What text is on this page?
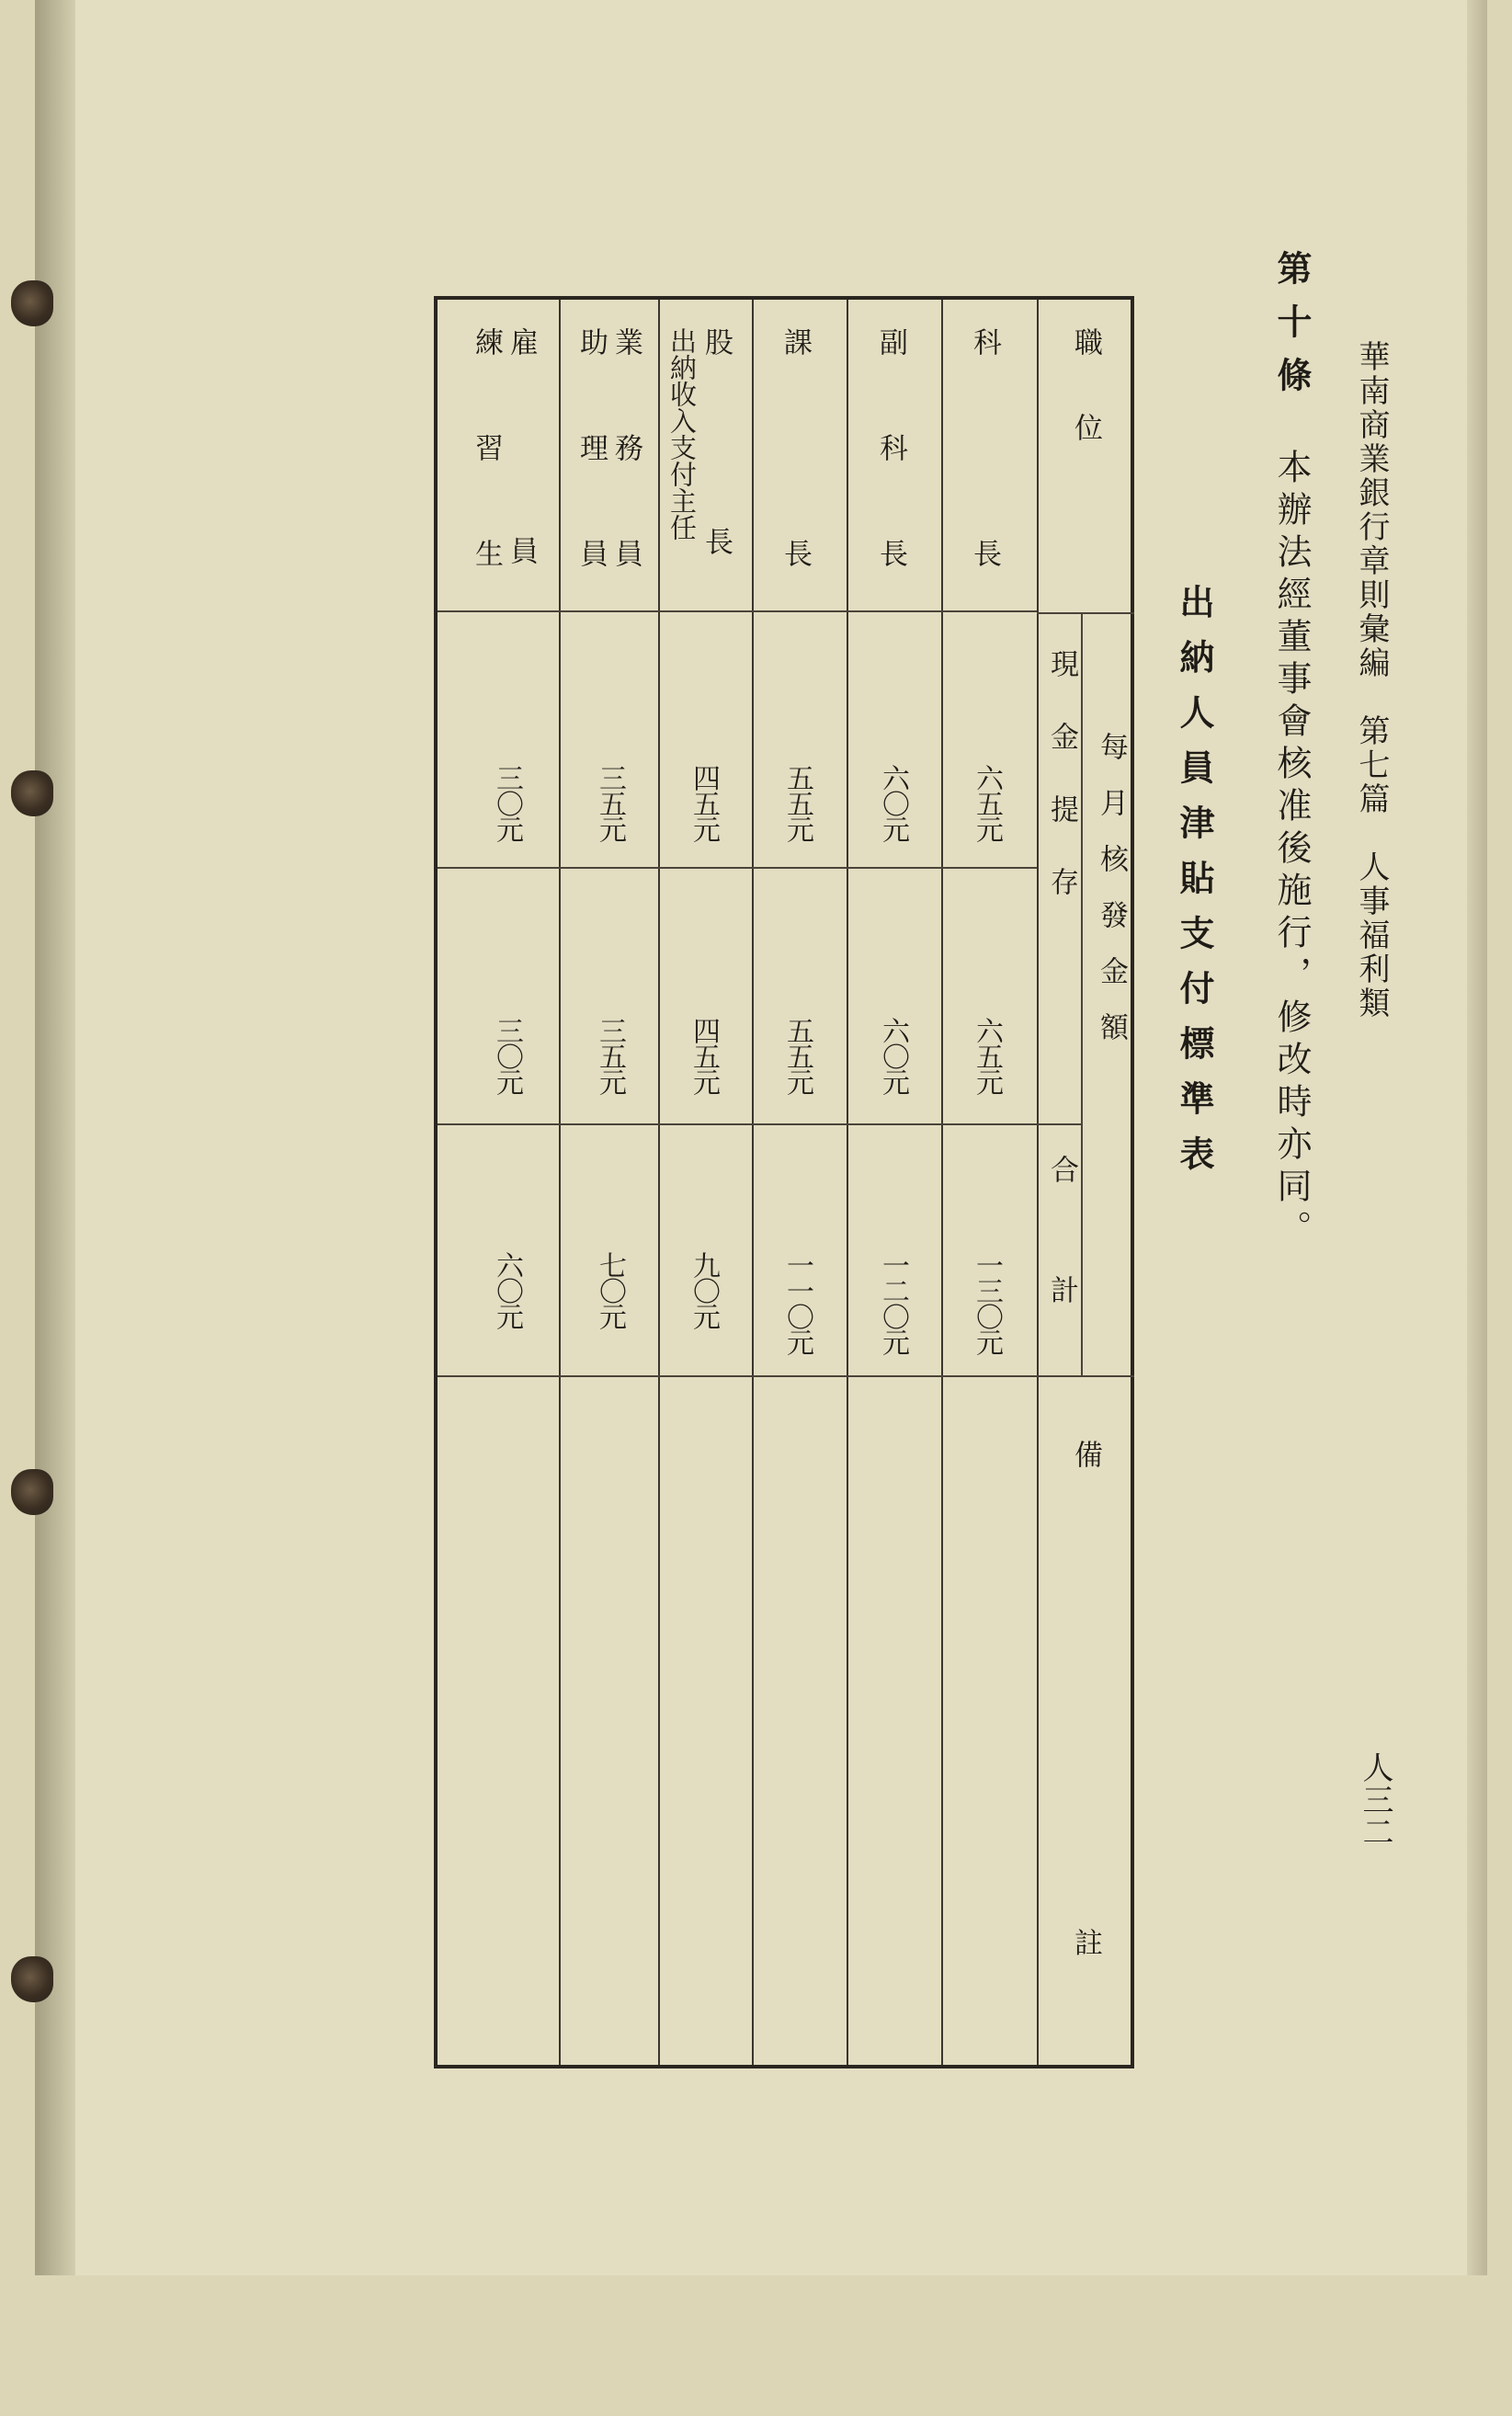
華南商業銀行章則彙編　第七篇　人事福利類

人三二

第十條本辦法經董事會核准後施行，修改時亦同。

出納人員津貼支付標準表

職位

每月核發金額

現金提存

合計

備註

科

長

六五元

六五元

一三〇元

副

科

長

六〇元

六〇元

一二〇元

課

長

五五元

五五元

一一〇元

股長

出納收入支付主任

四五元

四五元

九〇元

業務員

助理員

三五元

三五元

七〇元

雇員

練習生

三〇元

三〇元

六〇元
